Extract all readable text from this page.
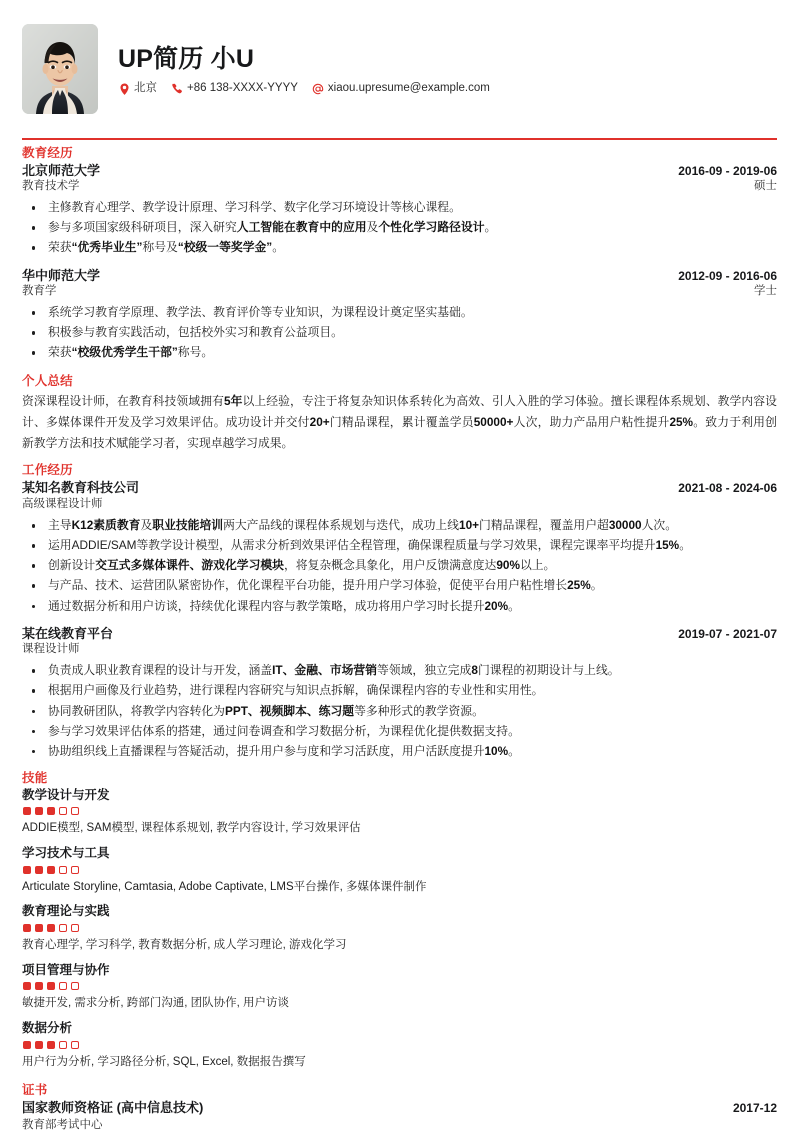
UP简历 小U
北京	+86 138-XXXX-YYYY	xiaou.upresume@example.com
教育经历
北京师范大学	2016-09 - 2019-06
教育技术学	硕士
主修教育心理学、教学设计原理、学习科学、数字化学习环境设计等核心课程。
参与多项国家级科研项目，深入研究人工智能在教育中的应用及个性化学习路径设计。
荣获“优秀毕业生”称号及“校级一等奖学金”。
华中师范大学	2012-09 - 2016-06
教育学	学士
系统学习教育学原理、教学法、教育评价等专业知识，为课程设计奠定坚实基础。
积极参与教育实践活动，包括校外实习和教育公益项目。
荣获“校级优秀学生干部”称号。
个人总结
资深课程设计师，在教育科技领域拥有5年以上经验，专注于将复杂知识体系转化为高效、引人入胜的学习体验。擅长课程体系规划、教学内容设计、多媒体课件开发及学习效果评估。成功设计并交付20+门精品课程，累计覆盖学员50000+人次，助力产品用户粘性提升25%。致力于利用创新教学方法和技术赋能学习者，实现卓越学习成果。
工作经历
某知名教育科技公司	2021-08 - 2024-06
高级课程设计师
主导K12素质教育及职业技能培训两大产品线的课程体系规划与迭代，成功上线10+门精品课程，覆盖用户超30000人次。
运用ADDIE/SAM等教学设计模型，从需求分析到效果评估全程管理，确保课程质量与学习效果，课程完课率平均提升15%。
创新设计交互式多媒体课件、游戏化学习模块，将复杂概念具象化，用户反馈满意度达90%以上。
与产品、技术、运营团队紧密协作，优化课程平台功能，提升用户学习体验，促使平台用户粘性增长25%。
通过数据分析和用户访谈，持续优化课程内容与教学策略，成功将用户学习时长提升20%。
某在线教育平台	2019-07 - 2021-07
课程设计师
负责成人职业教育课程的设计与开发，涵盖IT、金融、市场营销等领域，独立完成8门课程的初期设计与上线。
根据用户画像及行业趋势，进行课程内容研究与知识点拆解，确保课程内容的专业性和实用性。
协同教研团队，将教学内容转化为PPT、视频脚本、练习题等多种形式的教学资源。
参与学习效果评估体系的搭建，通过问卷调查和学习数据分析，为课程优化提供数据支持。
协助组织线上直播课程与答疑活动，提升用户参与度和学习活跃度，用户活跃度提升10%。
技能
教学设计与开发
ADDIE模型, SAM模型, 课程体系规划, 教学内容设计, 学习效果评估
学习技术与工具
Articulate Storyline, Camtasia, Adobe Captivate, LMS平台操作, 多媒体课件制作
教育理论与实践
教育心理学, 学习科学, 教育数据分析, 成人学习理论, 游戏化学习
项目管理与协作
敏捷开发, 需求分析, 跨部门沟通, 团队协作, 用户访谈
数据分析
用户行为分析, 学习路径分析, SQL, Excel, 数据报告撰写
证书
国家教师资格证 (高中信息技术)	2017-12
教育部考试中心
